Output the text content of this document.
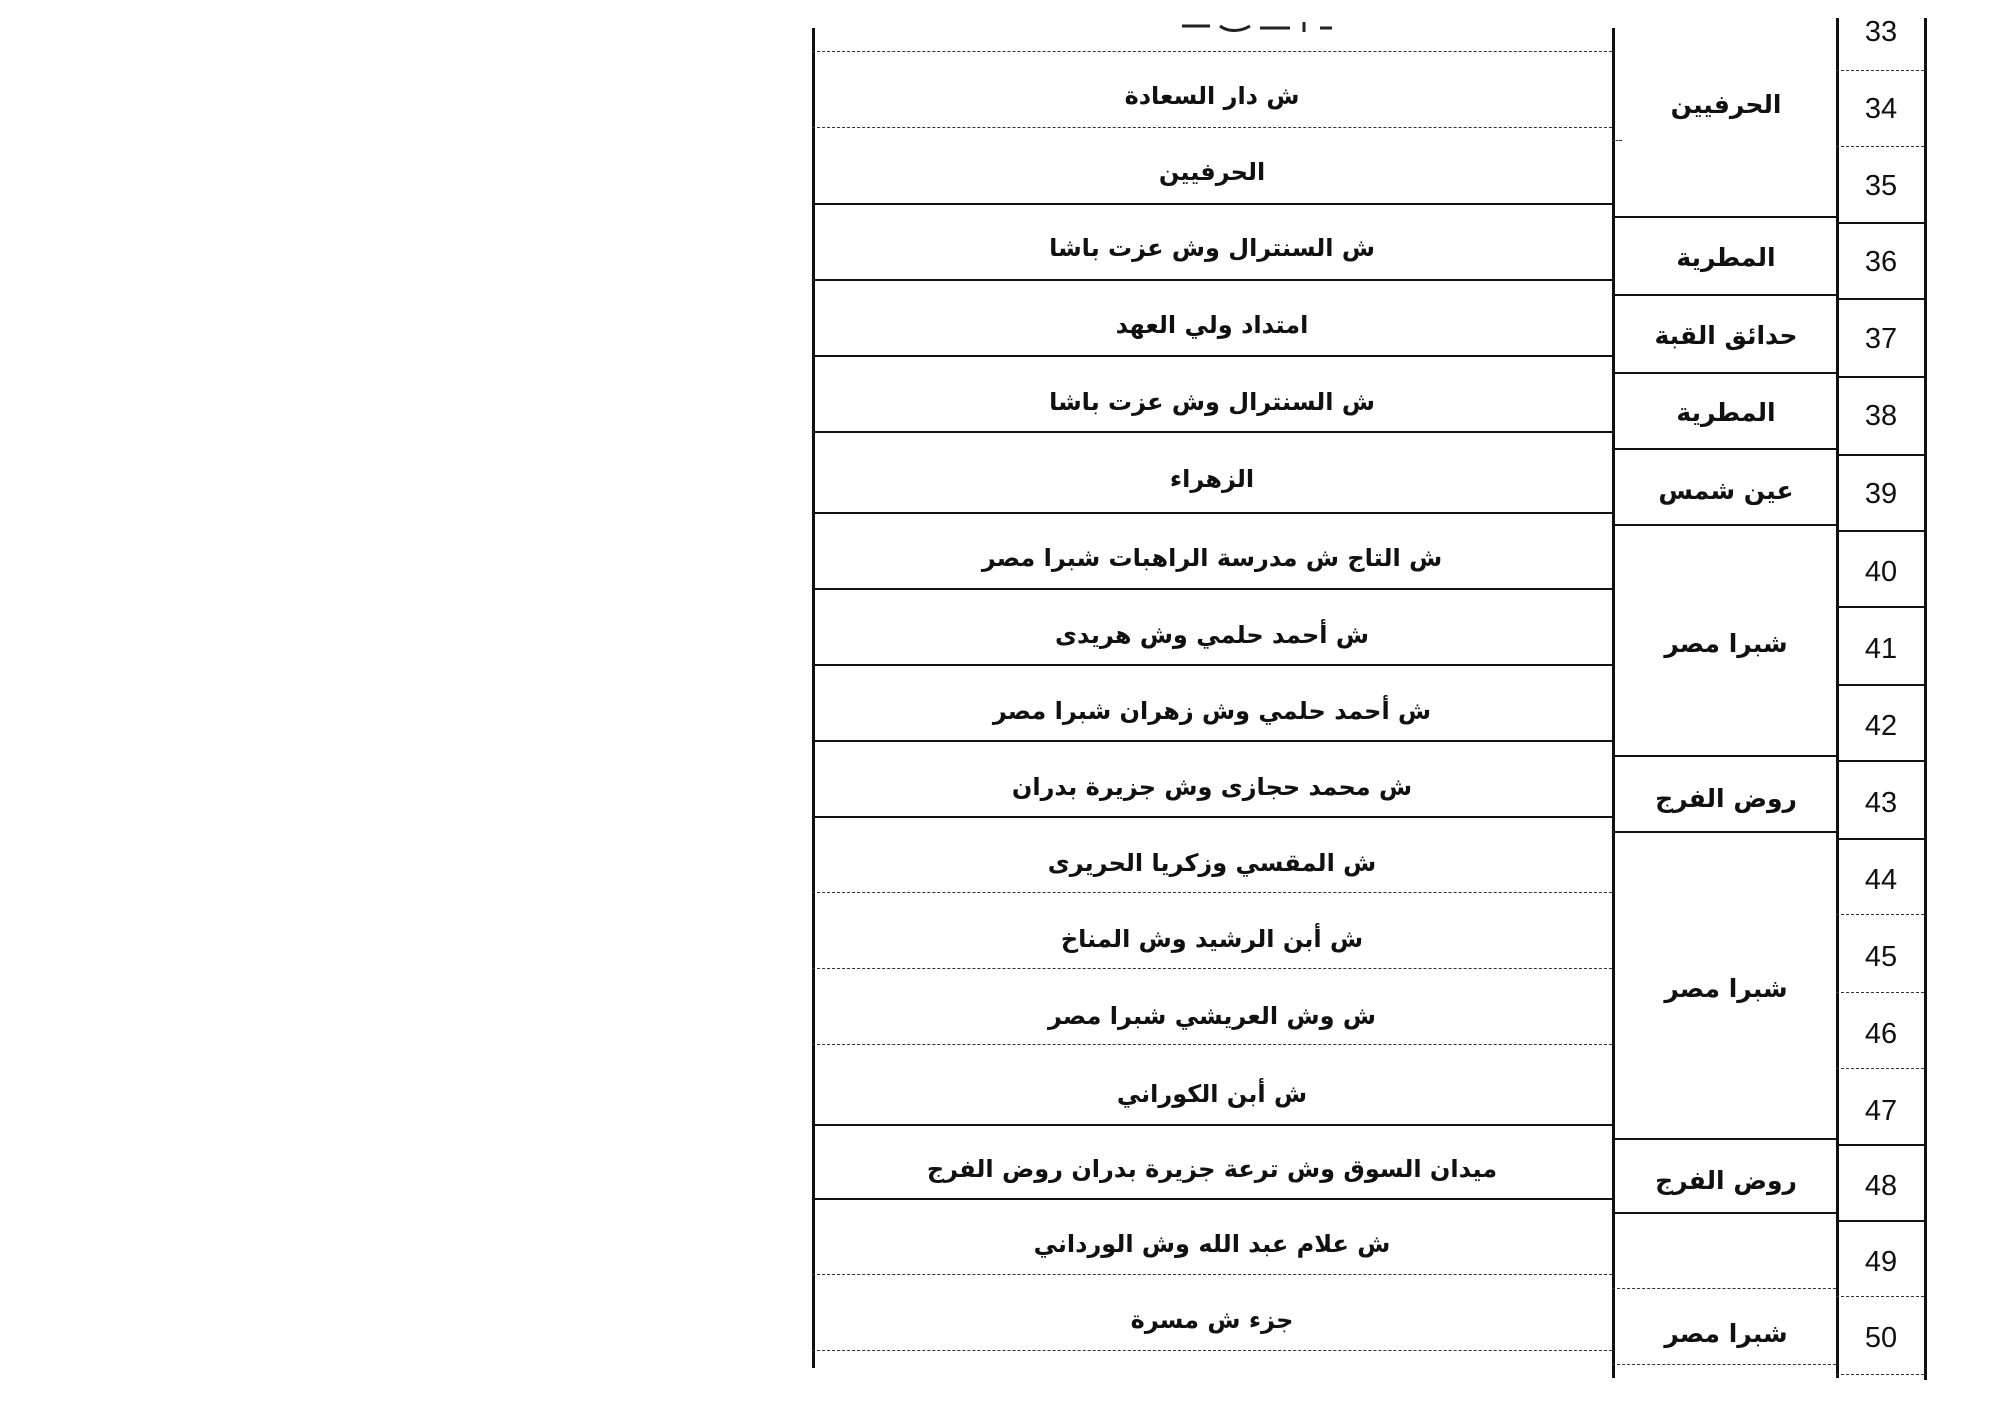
33
34
35
36
37
38
39
40
41
42
43
44
45
46
47
48
49
50
الحرفيين
المطرية
حدائق القبة
المطرية
عين شمس
شبرا مصر
روض الفرج
شبرا مصر
روض الفرج
شبرا مصر
ش دار السعادة
الحرفيين
ش السنترال وش عزت باشا
امتداد ولي العهد
ش السنترال وش عزت باشا
الزهراء
ش التاج ش مدرسة الراهبات شبرا مصر
ش أحمد حلمي وش هريدى
ش أحمد حلمي وش زهران شبرا مصر
ش محمد حجازى وش جزيرة بدران
ش المقسي وزكريا الحريرى
ش أبن الرشيد وش المناخ
ش وش العريشي شبرا مصر
ش أبن الكوراني
ميدان السوق وش ترعة جزيرة بدران روض الفرج
ش علام عبد الله وش الورداني
جزء ش مسرة
